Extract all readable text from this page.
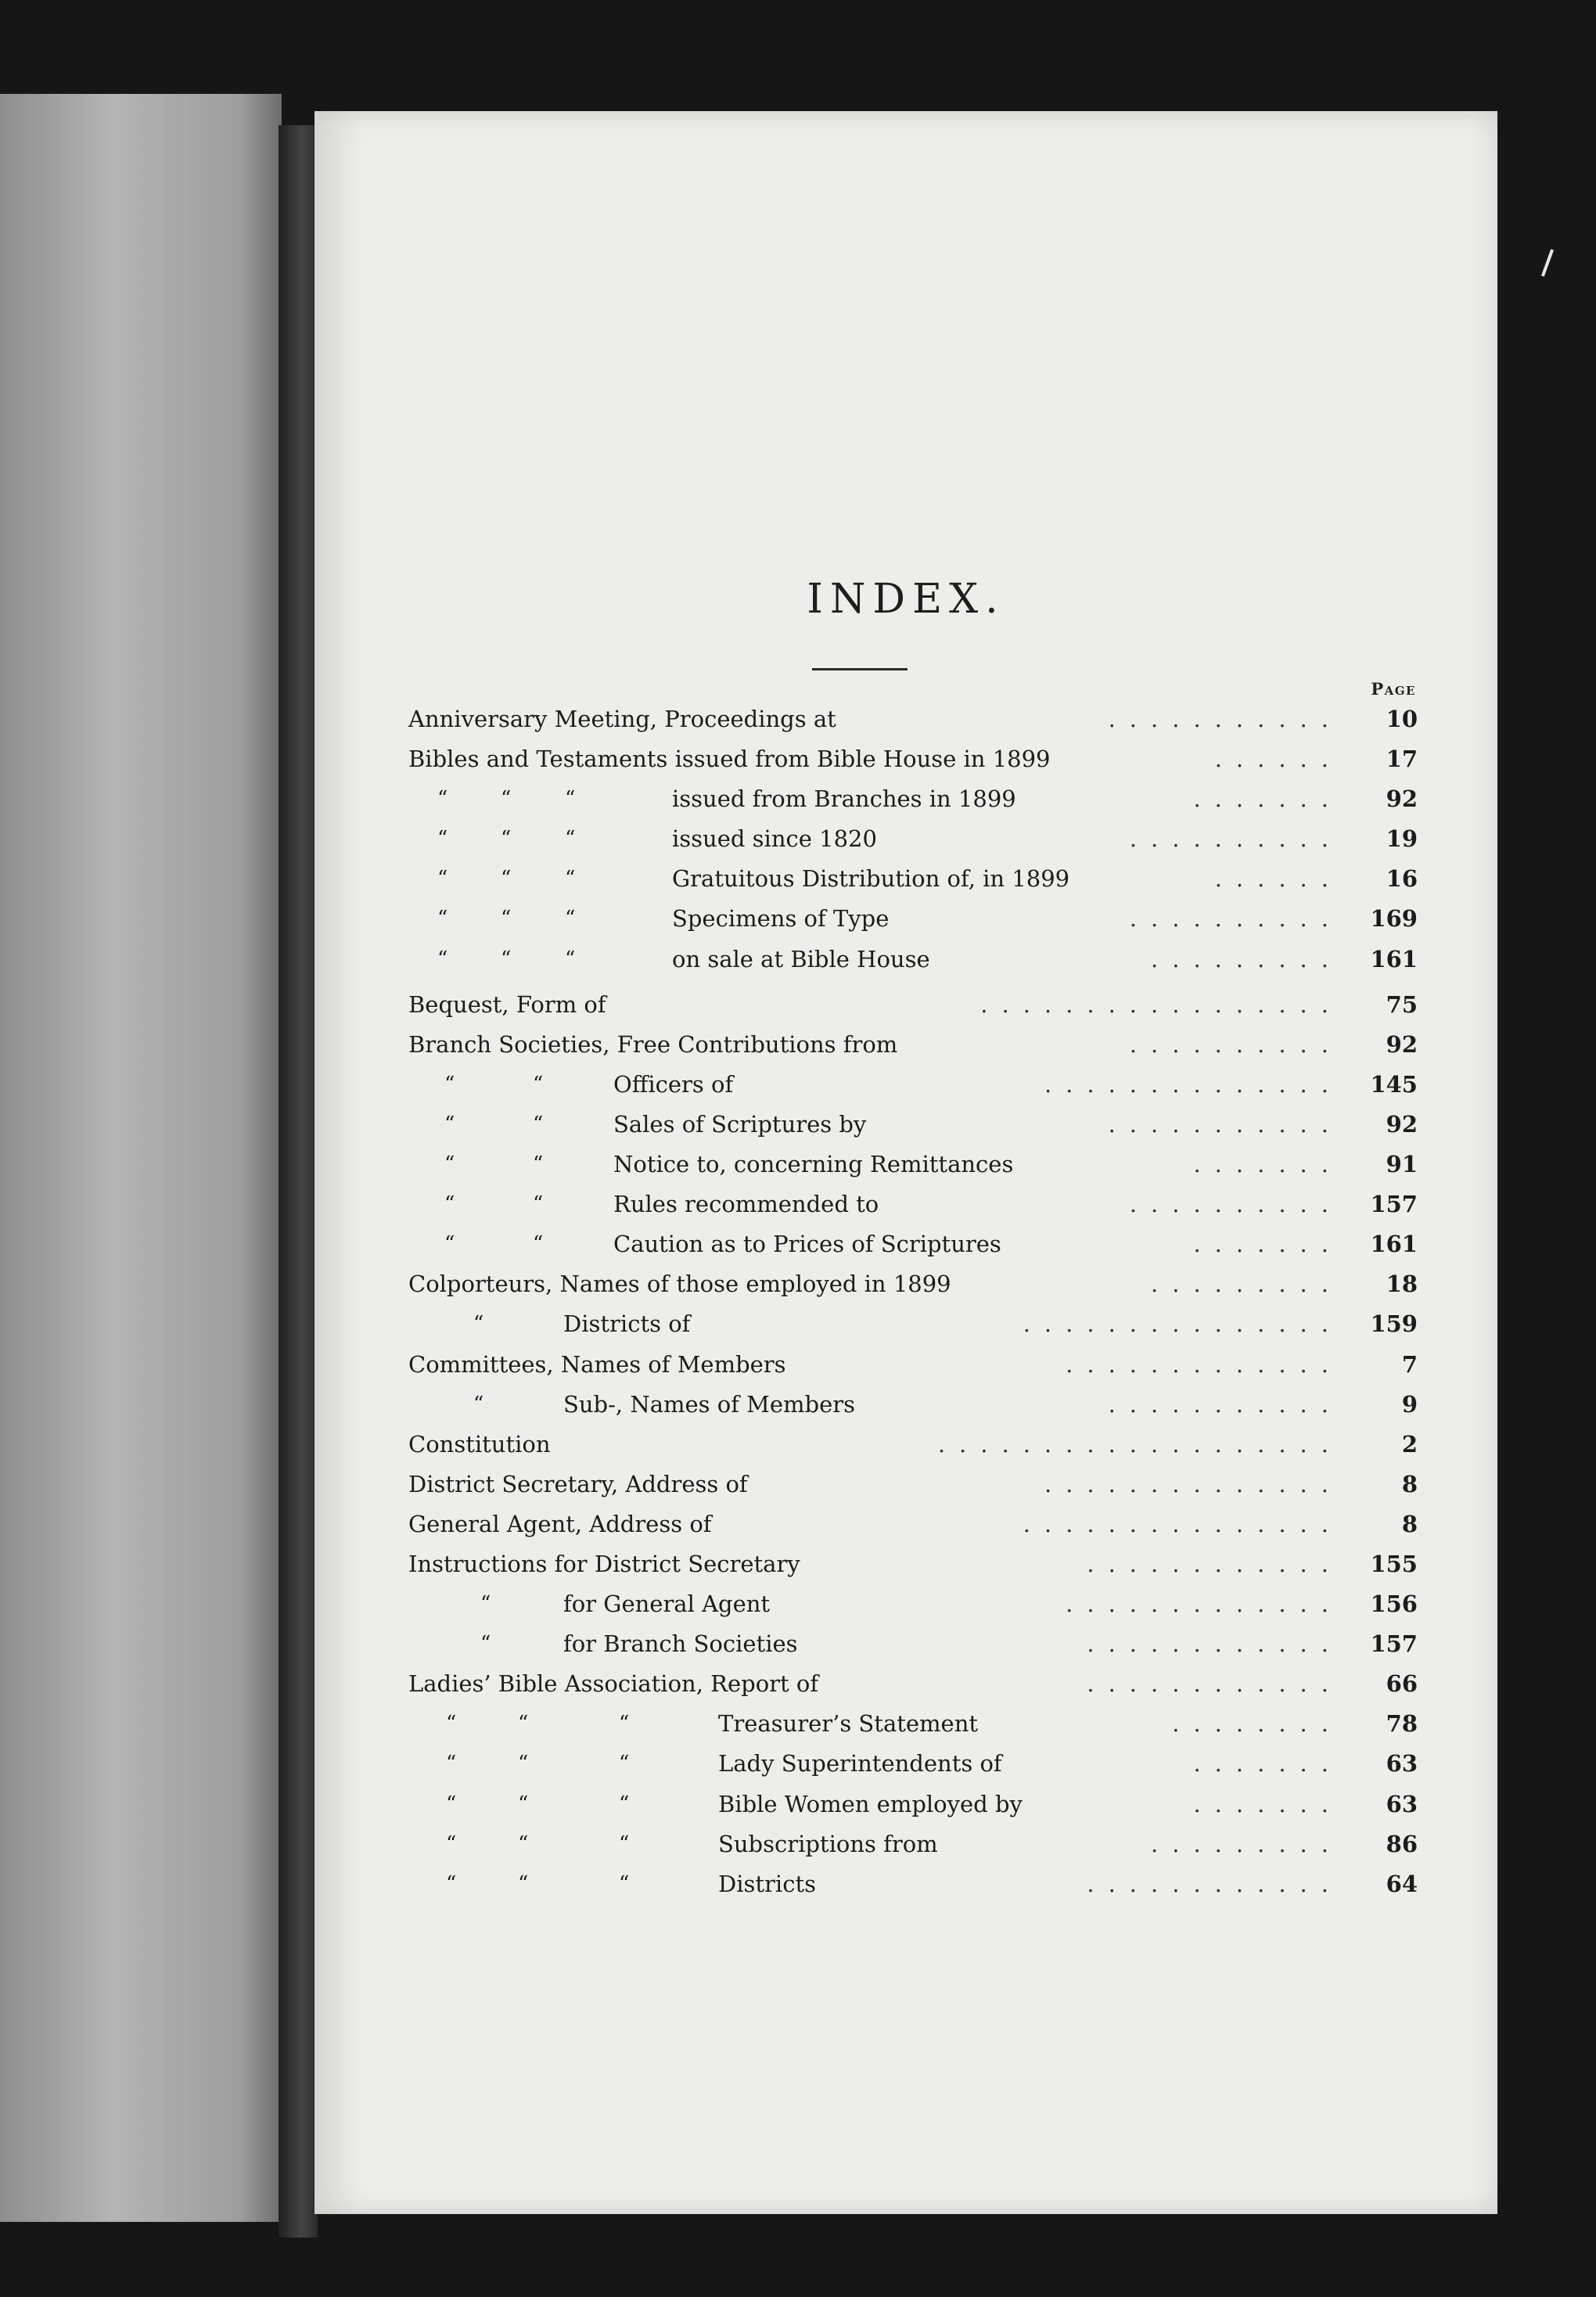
INDEX.
Page
Anniversary Meeting, Proceedings at	...........	10
Bibles and Testaments issued from Bible House in 1899	......	17
“	“	“	issued from Branches in 1899	.......	92
“	“	“	issued since 1820	..........	19
“	“	“	Gratuitous Distribution of, in 1899	......	16
“	“	“	Specimens of Type	..........	169
“	“	“	on sale at Bible House	.........	161
Bequest, Form of	.................	75
Branch Societies, Free Contributions from	..........	92
“	“	Officers of	..............	145
“	“	Sales of Scriptures by	...........	92
“	“	Notice to, concerning Remittances	.......	91
“	“	Rules recommended to	..........	157
“	“	Caution as to Prices of Scriptures	.......	161
Colporteurs, Names of those employed in 1899	.........	18
“	Districts of	...............	159
Committees, Names of Members	.............	7
“	Sub-, Names of Members	...........	9
Constitution	...................	2
District Secretary, Address of	..............	8
General Agent, Address of	...............	8
Instructions for District Secretary	............	155
“	for General Agent	.............	156
“	for Branch Societies	............	157
Ladies’ Bible Association, Report of	............	66
“	“	“	Treasurer’s Statement	........	78
“	“	“	Lady Superintendents of	.......	63
“	“	“	Bible Women employed by	.......	63
“	“	“	Subscriptions from	.........	86
“	“	“	Districts	............	64
